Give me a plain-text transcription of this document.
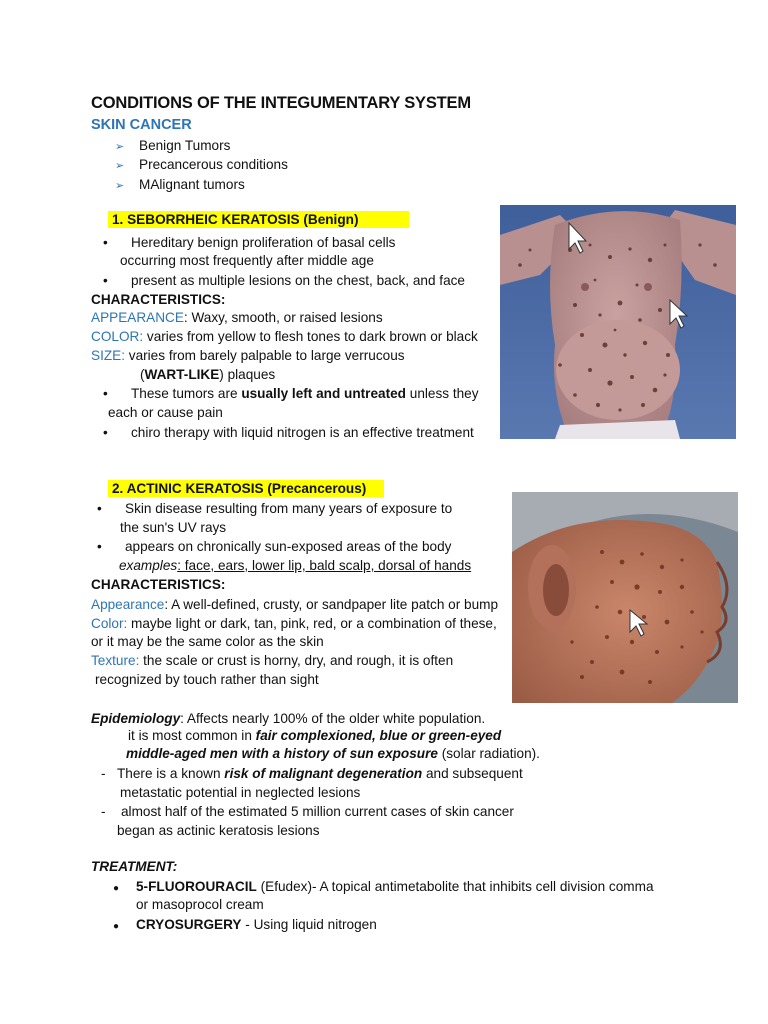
CONDITIONS OF THE INTEGUMENTARY SYSTEM
SKIN CANCER
➢ Benign Tumors
➢ Precancerous conditions
➢ MAlignant tumors
1. SEBORRHEIC KERATOSIS (Benign)
• Hereditary benign proliferation of basal cells
occurring most frequently after middle age
• present as multiple lesions on the chest, back, and face
CHARACTERISTICS:
APPEARANCE: Waxy, smooth, or raised lesions
COLOR: varies from yellow to flesh tones to dark brown or black
SIZE: varies from barely palpable to large verrucous
(WART-LIKE) plaques
• These tumors are usually left and untreated unless they
each or cause pain
• chiro therapy with liquid nitrogen is an effective treatment
2. ACTINIC KERATOSIS (Precancerous)
• Skin disease resulting from many years of exposure to
the sun's UV rays
• appears on chronically sun-exposed areas of the body
examples: face, ears, lower lip, bald scalp, dorsal of hands
CHARACTERISTICS:
Appearance: A well-defined, crusty, or sandpaper lite patch or bump
Color: maybe light or dark, tan, pink, red, or a combination of these,
or it may be the same color as the skin
Texture: the scale or crust is horny, dry, and rough, it is often
recognized by touch rather than sight
Epidemiology: Affects nearly 100% of the older white population.
it is most common in fair complexioned, blue or green-eyed
middle-aged men with a history of sun exposure (solar radiation).
- There is a known risk of malignant degeneration and subsequent
metastatic potential in neglected lesions
- almost half of the estimated 5 million current cases of skin cancer
began as actinic keratosis lesions
TREATMENT:
● 5-FLUOROURACIL (Efudex)- A topical antimetabolite that inhibits cell division comma
or masoprocol cream
● CRYOSURGERY - Using liquid nitrogen
